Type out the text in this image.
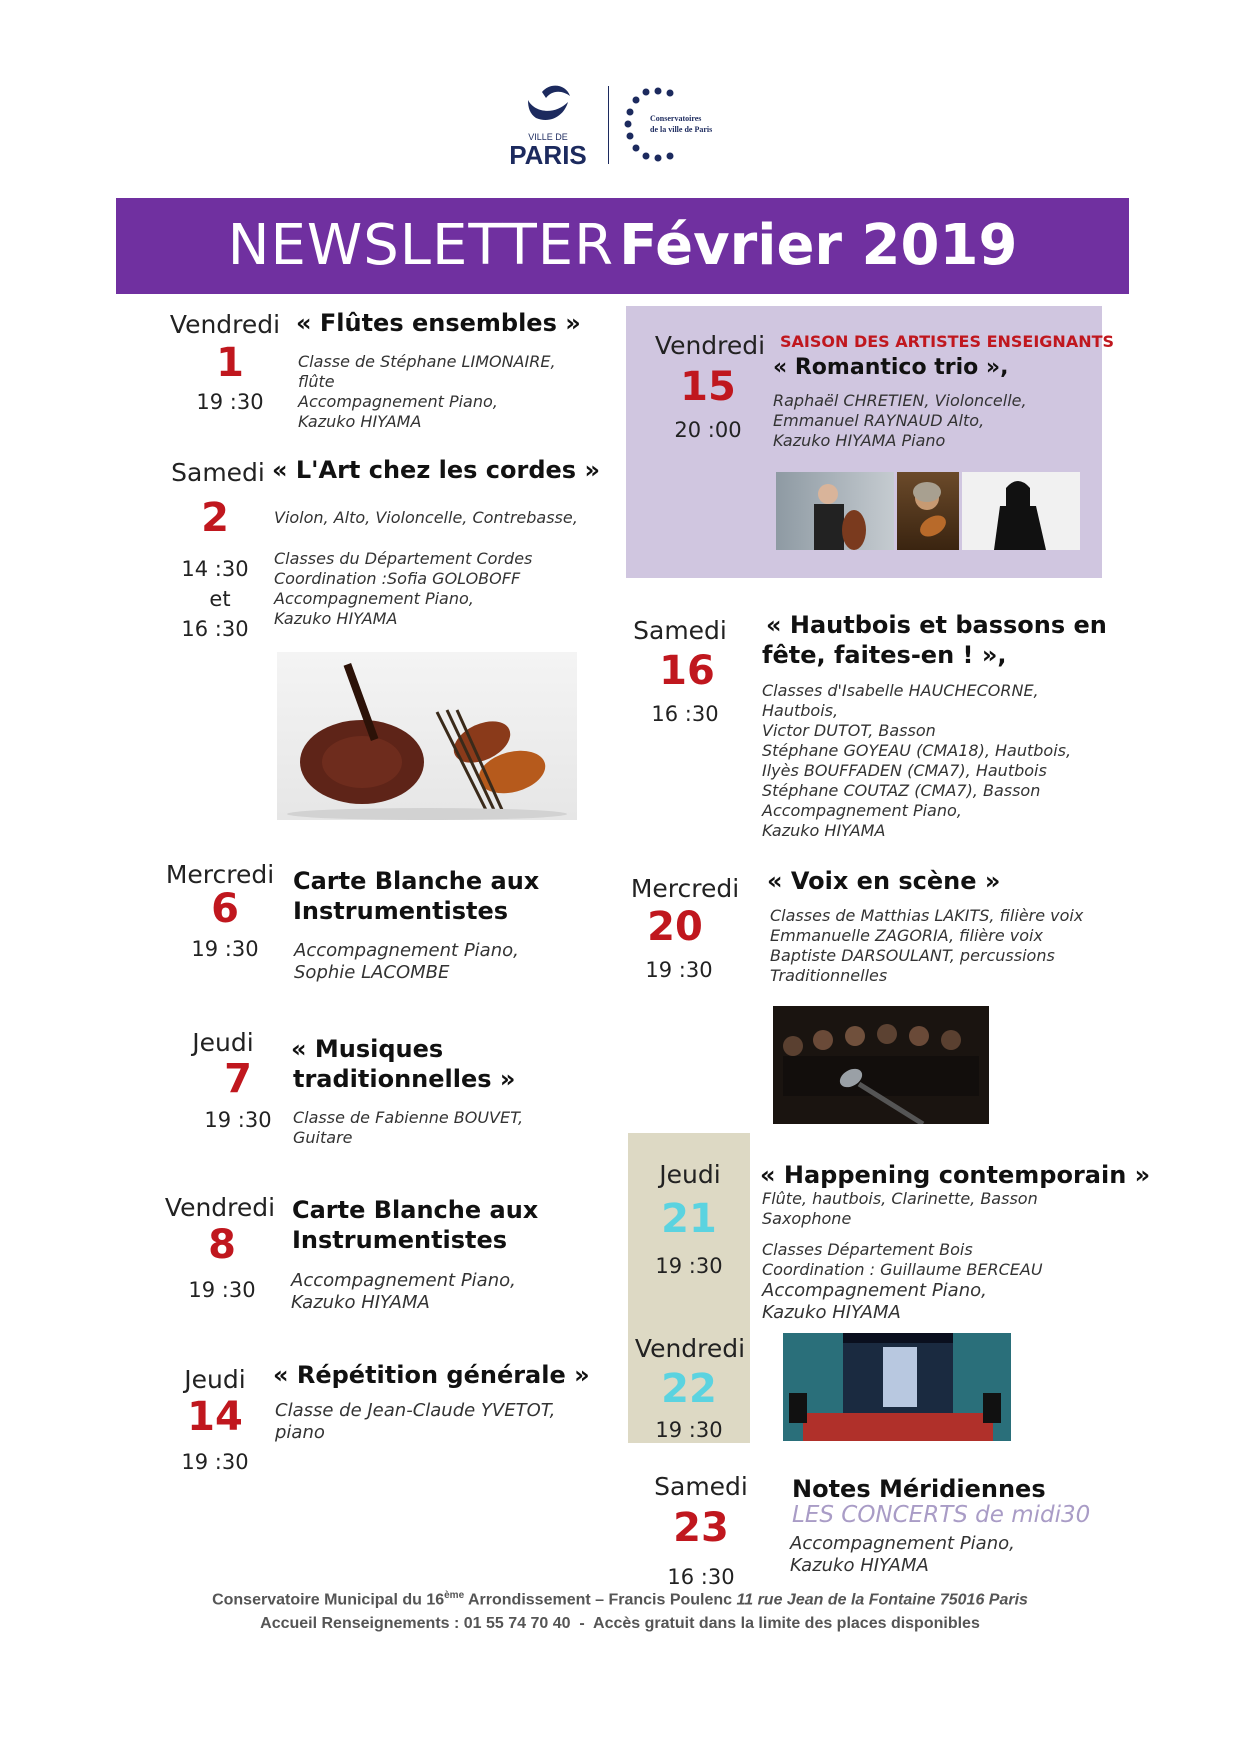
VILLE DE
PARIS
Conservatoires
de la ville de Paris
NEWSLETTER Février 2019
Vendredi
1
19 :30
« Flûtes ensembles »
Classe de Stéphane LIMONAIRE,
flûte
Accompagnement Piano,
Kazuko HIYAMA
Samedi
2
14 :30
et
16 :30
« L'Art chez les cordes »
Violon, Alto, Violoncelle, Contrebasse,
Classes du Département Cordes
Coordination :Sofia GOLOBOFF
Accompagnement Piano,
Kazuko HIYAMA
Mercredi
6
19 :30
Carte Blanche aux
Instrumentistes
Accompagnement Piano,
Sophie LACOMBE
Jeudi
7
19 :30
« Musiques
traditionnelles »
Classe de Fabienne BOUVET,
Guitare
Vendredi
8
19 :30
Carte Blanche aux
Instrumentistes
Accompagnement Piano,
Kazuko HIYAMA
Jeudi
14
19 :30
« Répétition générale »
Classe de Jean-Claude YVETOT,
piano
Vendredi
15
20 :00
SAISON DES ARTISTES ENSEIGNANTS
« Romantico trio »,
Raphaël CHRETIEN, Violoncelle,
Emmanuel RAYNAUD Alto,
Kazuko HIYAMA Piano
Samedi
16
16 :30
« Hautbois et bassons en
fête, faites-en ! »,
Classes d'Isabelle HAUCHECORNE,
Hautbois,
Victor DUTOT, Basson
Stéphane GOYEAU (CMA18), Hautbois,
Ilyès BOUFFADEN (CMA7), Hautbois
Stéphane COUTAZ (CMA7), Basson
Accompagnement Piano,
Kazuko HIYAMA
Mercredi
20
19 :30
« Voix en scène »
Classes de Matthias LAKITS, filière voix
Emmanuelle ZAGORIA, filière voix
Baptiste DARSOULANT, percussions
Traditionnelles
Jeudi
21
19 :30
Vendredi
22
19 :30
« Happening contemporain »
Flûte, hautbois, Clarinette, Basson
Saxophone
Classes Département Bois
Coordination : Guillaume BERCEAU
Accompagnement Piano,
Kazuko HIYAMA
Samedi
23
16 :30
Notes Méridiennes
LES CONCERTS de midi30
Accompagnement Piano,
Kazuko HIYAMA
Conservatoire Municipal du 16ème Arrondissement – Francis Poulenc 11 rue Jean de la Fontaine 75016 Paris
Accueil Renseignements : 01 55 74 70 40  -  Accès gratuit dans la limite des places disponibles
